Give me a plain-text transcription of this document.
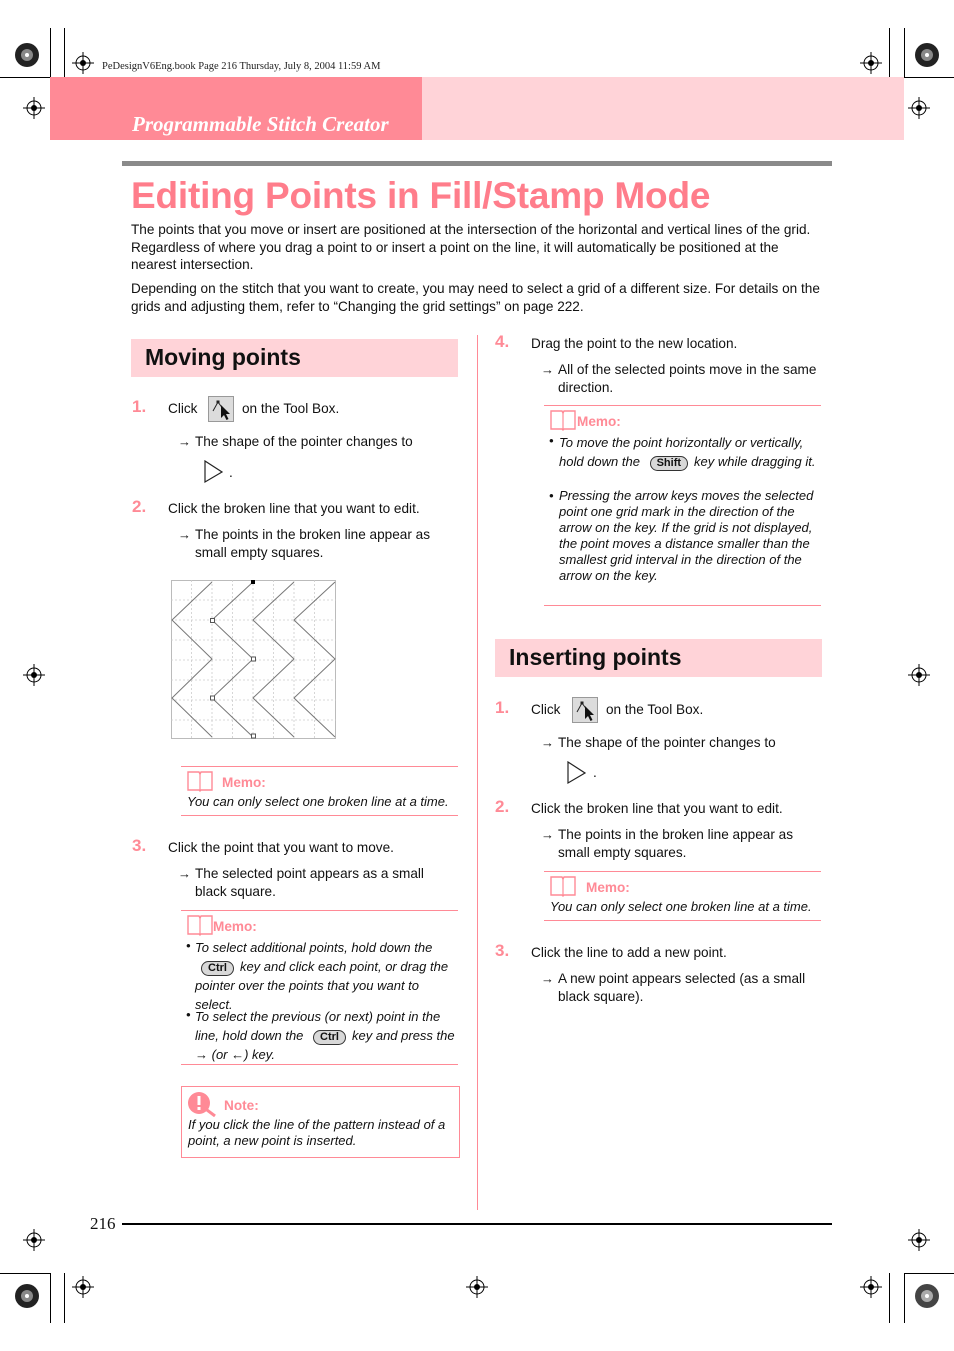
PeDesignV6Eng.book Page 216 Thursday, July 8, 2004 11:59 AM
Programmable Stitch Creator
Editing Points in Fill/Stamp Mode
The points that you move or insert are positioned at the intersection of the horizontal and vertical lines of the grid. Regardless of where you drag a point to or insert a point on the line, it will automatically be positioned at the nearest intersection.
Depending on the stitch that you want to create, you may need to select a grid of a different size. For details on the grids and adjusting them, refer to “Changing the grid settings” on page 222.
Moving points
1. Click	on the Tool Box.
→ The shape of the pointer changes to
.
2. Click the broken line that you want to edit.
→ The points in the broken line appear as small empty squares.
Memo:
You can only select one broken line at a time.
3. Click the point that you want to move.
→ The selected point appears as a small black square.
Memo:
• To select additional points, hold down the Ctrl key and click each point, or drag the pointer over the points that you want to select.
• To select the previous (or next) point in the line, hold down the Ctrl key and press the → (or ←) key.
Note:
If you click the line of the pattern instead of a point, a new point is inserted.
4. Drag the point to the new location.
→ All of the selected points move in the same direction.
Memo:
• To move the point horizontally or vertically, hold down the Shift key while dragging it.
• Pressing the arrow keys moves the selected point one grid mark in the direction of the arrow on the key. If the grid is not displayed, the point moves a distance smaller than the smallest grid interval in the direction of the arrow on the key.
Inserting points
1. Click	on the Tool Box.
→ The shape of the pointer changes to
.
2. Click the broken line that you want to edit.
→ The points in the broken line appear as small empty squares.
Memo:
You can only select one broken line at a time.
3. Click the line to add a new point.
→ A new point appears selected (as a small black square).
216
